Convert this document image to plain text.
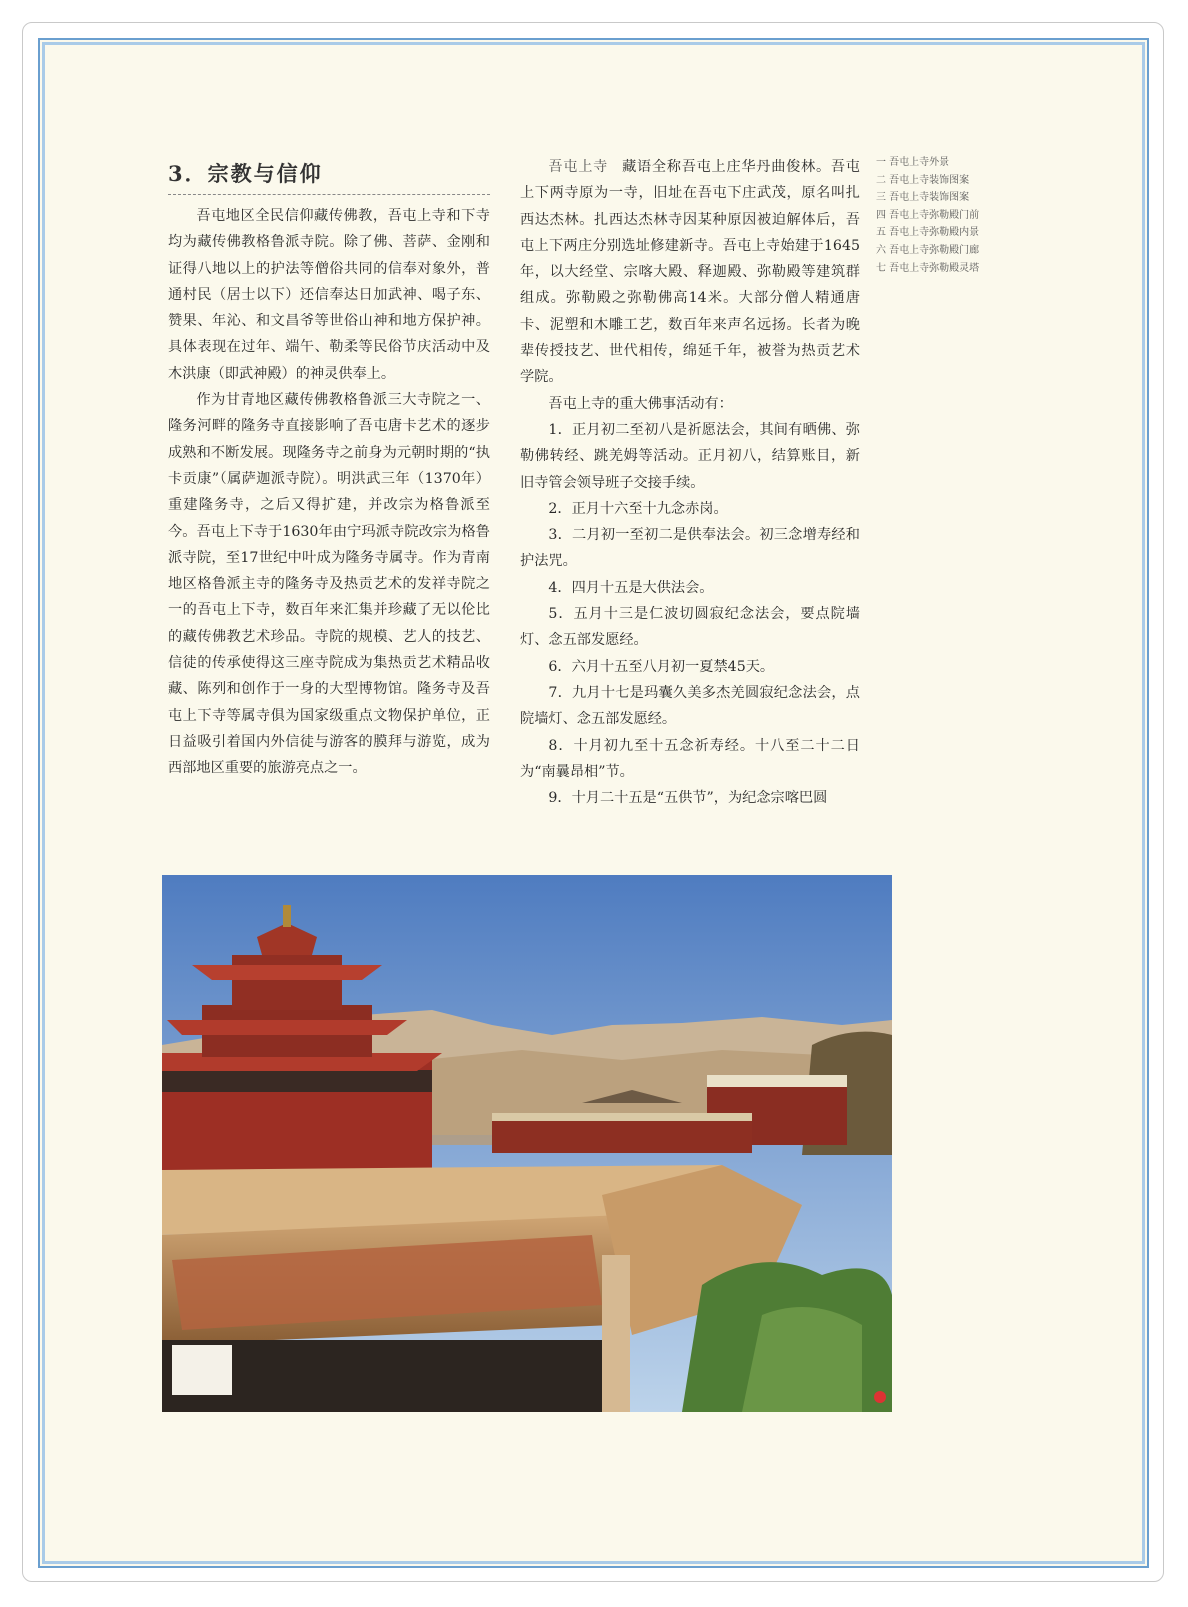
3．宗教与信仰

吾屯地区全民信仰藏传佛教，吾屯上寺和下寺均为藏传佛教格鲁派寺院。除了佛、菩萨、金刚和证得八地以上的护法等僧俗共同的信奉对象外，普通村民（居士以下）还信奉达日加武神、喝子东、赞果、年沁、和文昌爷等世俗山神和地方保护神。具体表现在过年、端午、勒柔等民俗节庆活动中及木洪康（即武神殿）的神灵供奉上。

作为甘青地区藏传佛教格鲁派三大寺院之一、隆务河畔的隆务寺直接影响了吾屯唐卡艺术的逐步成熟和不断发展。现隆务寺之前身为元朝时期的“执卡贡康”（属萨迦派寺院）。明洪武三年（1370年）重建隆务寺，之后又得扩建，并改宗为格鲁派至今。吾屯上下寺于1630年由宁玛派寺院改宗为格鲁派寺院，至17世纪中叶成为隆务寺属寺。作为青南地区格鲁派主寺的隆务寺及热贡艺术的发祥寺院之一的吾屯上下寺，数百年来汇集并珍藏了无以伦比的藏传佛教艺术珍品。寺院的规模、艺人的技艺、信徒的传承使得这三座寺院成为集热贡艺术精品收藏、陈列和创作于一身的大型博物馆。隆务寺及吾屯上下寺等属寺俱为国家级重点文物保护单位，正日益吸引着国内外信徒与游客的膜拜与游览，成为西部地区重要的旅游亮点之一。

吾屯上寺 藏语全称吾屯上庄华丹曲俊林。吾屯上下两寺原为一寺，旧址在吾屯下庄武茂，原名叫扎西达杰林。扎西达杰林寺因某种原因被迫解体后，吾屯上下两庄分别选址修建新寺。吾屯上寺始建于1645年，以大经堂、宗喀大殿、释迦殿、弥勒殿等建筑群组成。弥勒殿之弥勒佛高14米。大部分僧人精通唐卡、泥塑和木雕工艺，数百年来声名远扬。长者为晚辈传授技艺、世代相传，绵延千年，被誉为热贡艺术学院。

吾屯上寺的重大佛事活动有：

1．正月初二至初八是祈愿法会，其间有晒佛、弥勒佛转经、跳羌姆等活动。正月初八，结算账目，新旧寺管会领导班子交接手续。

2．正月十六至十九念赤岗。

3．二月初一至初二是供奉法会。初三念增寿经和护法咒。

4．四月十五是大供法会。

5．五月十三是仁波切圆寂纪念法会，要点院墙灯、念五部发愿经。

6．六月十五至八月初一夏禁45天。

7．九月十七是玛囊久美多杰羌圆寂纪念法会，点院墙灯、念五部发愿经。

8．十月初九至十五念祈寿经。十八至二十二日为“南曩昂相”节。

9．十月二十五是“五供节”，为纪念宗喀巴圆

一 吾屯上寺外景
二 吾屯上寺装饰图案
三 吾屯上寺装饰图案
四 吾屯上寺弥勒殿门前
五 吾屯上寺弥勒殿内景
六 吾屯上寺弥勒殿门廊
七 吾屯上寺弥勒殿灵塔
